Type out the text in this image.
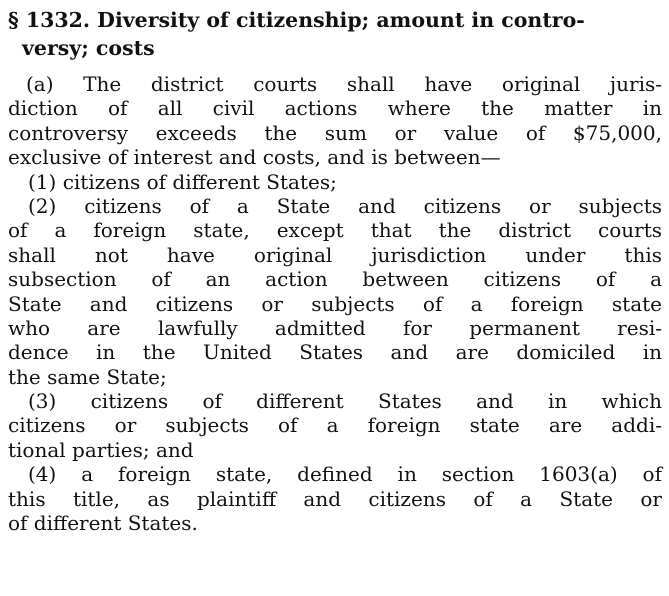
§ 1332. Diversity of citizenship; amount in contro-
versy; costs
(a) The district courts shall have original juris-
diction of all civil actions where the matter in
controversy exceeds the sum or value of $75,000,
exclusive of interest and costs, and is between—
(1) citizens of different States;
(2) citizens of a State and citizens or subjects
of a foreign state, except that the district courts
shall not have original jurisdiction under this
subsection of an action between citizens of a
State and citizens or subjects of a foreign state
who are lawfully admitted for permanent resi-
dence in the United States and are domiciled in
the same State;
(3) citizens of different States and in which
citizens or subjects of a foreign state are addi-
tional parties; and
(4) a foreign state, defined in section 1603(a) of
this title, as plaintiff and citizens of a State or
of different States.
